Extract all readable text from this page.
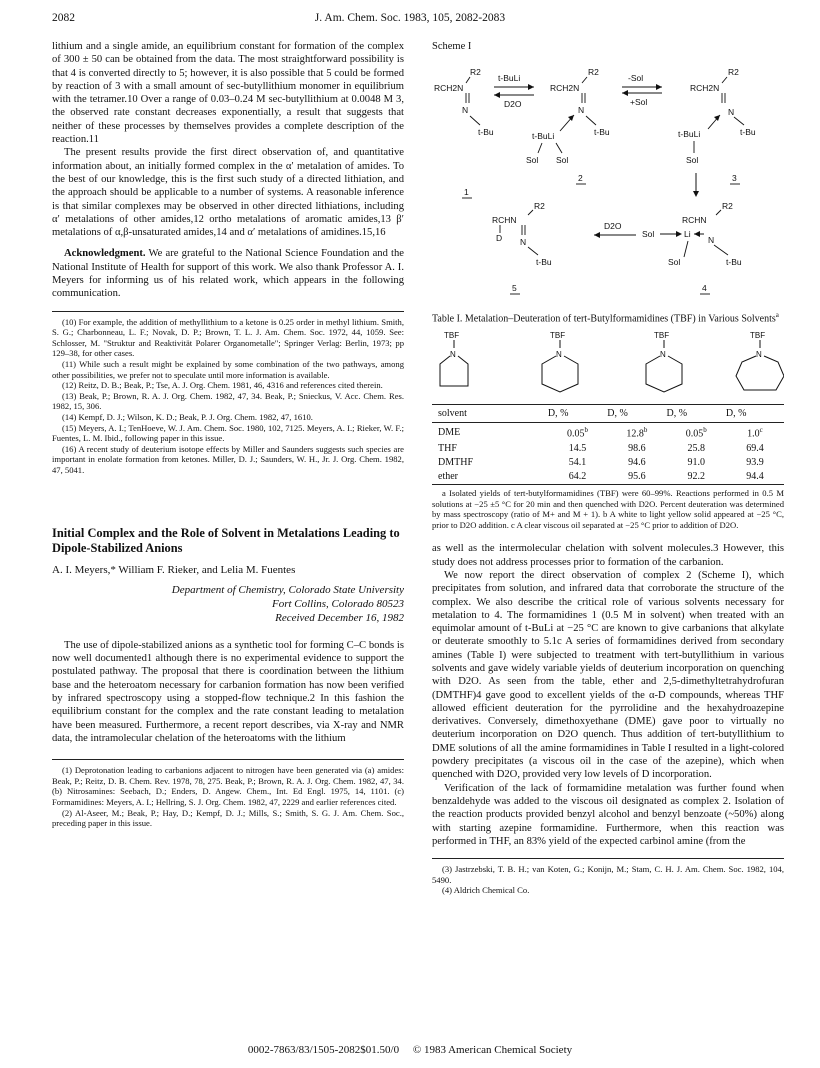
2082	J. Am. Chem. Soc. 1983, 105, 2082-2083

lithium and a single amide, an equilibrium constant for formation of the complex of 300 ± 50 can be obtained from the data. The most straightforward possibility is that 4 is converted directly to 5; however, it is also possible that 5 could be formed by reaction of 3 with a small amount of sec-butyllithium monomer in equilibrium with the tetramer.10 Over a range of 0.03–0.24 M sec-butyllithium at 0.0048 M 3, the observed rate constant decreases exponentially, a result that suggests that neither of these processes by themselves provides a complete description of the reaction.11

The present results provide the first direct observation of, and quantitative information about, an initially formed complex in the α′ metalation of amides. To the best of our knowledge, this is the first such study of a directed lithiation, and the approach should be applicable to a number of systems. A reasonable inference is that similar complexes may be observed in other directed lithiations, including α′ metalations of other amides,12 ortho metalations of aromatic amides,13 β′ metalations of α,β-unsaturated amides,14 and α′ metalations of amidines.15,16

Acknowledgment. We are grateful to the National Science Foundation and the National Institute of Health for support of this work. We also thank Professor A. I. Meyers for informing us of his related work, which appears in the following communication.

(10) For example, the addition of methyllithium to a ketone is 0.25 order in methyl lithium. Smith, S. G.; Charbonneau, L. F.; Novak, D. P.; Brown, T. L. J. Am. Chem. Soc. 1972, 44, 1059. See: Schlosser, M. "Struktur and Reaktivität Polarer Organometalle"; Springer Verlag: Berlin, 1973; pp 129–38, for other cases.

(11) While such a result might be explained by some combination of the two pathways, among other possibilities, we prefer not to speculate until more information is available.

(12) Reitz, D. B.; Beak, P.; Tse, A. J. Org. Chem. 1981, 46, 4316 and references cited therein.

(13) Beak, P.; Brown, R. A. J. Org. Chem. 1982, 47, 34. Beak, P.; Snieckus, V. Acc. Chem. Res. 1982, 15, 306.

(14) Kempf, D. J.; Wilson, K. D.; Beak, P. J. Org. Chem. 1982, 47, 1610.

(15) Meyers, A. I.; TenHoeve, W. J. Am. Chem. Soc. 1980, 102, 7125. Meyers, A. I.; Rieker, W. F.; Fuentes, L. M. Ibid., following paper in this issue.

(16) A recent study of deuterium isotope effects by Miller and Saunders suggests such species are important in enolate formation from ketones. Miller, D. J.; Saunders, W. H., Jr. J. Org. Chem. 1982, 47, 5041.

Initial Complex and the Role of Solvent in Metalations Leading to Dipole-Stabilized Anions
A. I. Meyers,* William F. Rieker, and Lelia M. Fuentes
Department of Chemistry, Colorado State University
Fort Collins, Colorado 80523
Received December 16, 1982

The use of dipole-stabilized anions as a synthetic tool for forming C–C bonds is now well documented1 although there is no experimental evidence to support the postulated pathway. The proposal that there is coordination between the lithium base and the heteroatom necessary for carbanion formation has now been verified by infrared spectroscopy using a stopped-flow technique.2 In this fashion the equilibrium constant for the complex and the rate constant leading to metalation have been measured. Furthermore, a recent report describes, via X-ray and NMR data, the intramolecular chelation of the heteroatoms with the lithium

(1) Deprotonation leading to carbanions adjacent to nitrogen have been generated via (a) amides: Beak, P.; Reitz, D. B. Chem. Rev. 1978, 78, 275. Beak, P.; Brown, R. A. J. Org. Chem. 1982, 47, 34. (b) Nitrosamines: Seebach, D.; Enders, D. Angew. Chem., Int. Ed Engl. 1975, 14, 1101. (c) Formamidines: Meyers, A. I.; Hellring, S. J. Org. Chem. 1982, 47, 2229 and earlier references cited.

(2) Al-Aseer, M.; Beak, P.; Hay, D.; Kempf, D. J.; Mills, S.; Smith, S. G. J. Am. Chem. Soc., preceding paper in this issue.

Scheme I
RCH2N
R2
N
t-Bu
1
t-BuLi
D2O
RCH2N
R2
N
t-Bu
t-BuLi
Sol Sol
2
-Sol
+Sol
RCH2N
R2
N
t-Bu
t-BuLi
Sol
3
R2
RCHN
Sol	Li
N
t-Bu
Sol
4
D2O
R2
RCHN
D N
t-Bu
5
Table I. Metalation–Deuteration of tert-Butylformamidines (TBF) in Various Solvents$^a$
TBF
N
TBF
N
TBF
N
TBF
N
solvent	D, %	D, %	D, %	D, %
DME	0.05$^b$	12.8$^b$	0.05$^b$	1.0$^c$
THF	14.5	98.6	25.8	69.4
DMTHF	54.1	94.6	91.0	93.9
ether	64.2	95.6	92.2	94.4

a Isolated yields of tert-butylformamidines (TBF) were 60–99%. Reactions performed in 0.5 M solutions at −25 ±5 °C for 20 min and then quenched with D2O. Percent deuteration was determined by mass spectroscopy (ratio of M+ and M + 1). b A white to light yellow solid appeared at −25 °C, prior to D2O addition. c A clear viscous oil separated at −25 °C prior to addition of D2O.

as well as the intermolecular chelation with solvent molecules.3 However, this study does not address processes prior to formation of the carbanion.

We now report the direct observation of complex 2 (Scheme I), which precipitates from solution, and infrared data that corroborate the structure of the complex. We also describe the critical role of various solvents necessary for metalation to 4. The formamidines 1 (0.5 M in solvent) when treated with an equimolar amount of t-BuLi at −25 °C are known to give carbanions that alkylate or deuterate smoothly to 5.1c A series of formamidines derived from secondary amines (Table I) were subjected to treatment with tert-butyllithium in various solvents and gave widely variable yields of deuterium incorporation on quenching with D2O. As seen from the table, ether and 2,5-dimethyltetrahydrofuran (DMTHF)4 gave good to excellent yields of the α-D compounds, whereas THF allowed efficient deuteration for the pyrrolidine and the hexahydroazepine derivatives. Conversely, dimethoxyethane (DME) gave poor to virtually no deuterium incorporation on D2O quench. Thus addition of tert-butyllithium to DME solutions of all the amine formamidines in Table I resulted in a light-colored powdery precipitates (a viscous oil in the case of the azepine), which when quenched with D2O, provided very low levels of D incorporation.

Verification of the lack of formamidine metalation was further found when benzaldehyde was added to the viscous oil designated as complex 2. Isolation of the reaction products provided benzyl alcohol and benzyl benzoate (~50%) along with starting azepine formamidine. Furthermore, when this reaction was performed in THF, an 83% yield of the expected carbinol amine (from the

(3) Jastrzebski, T. B. H.; van Koten, G.; Konijn, M.; Stam, C. H. J. Am. Chem. Soc. 1982, 104, 5490.

(4) Aldrich Chemical Co.

0002-7863/83/1505-2082$01.50/0 © 1983 American Chemical Society
